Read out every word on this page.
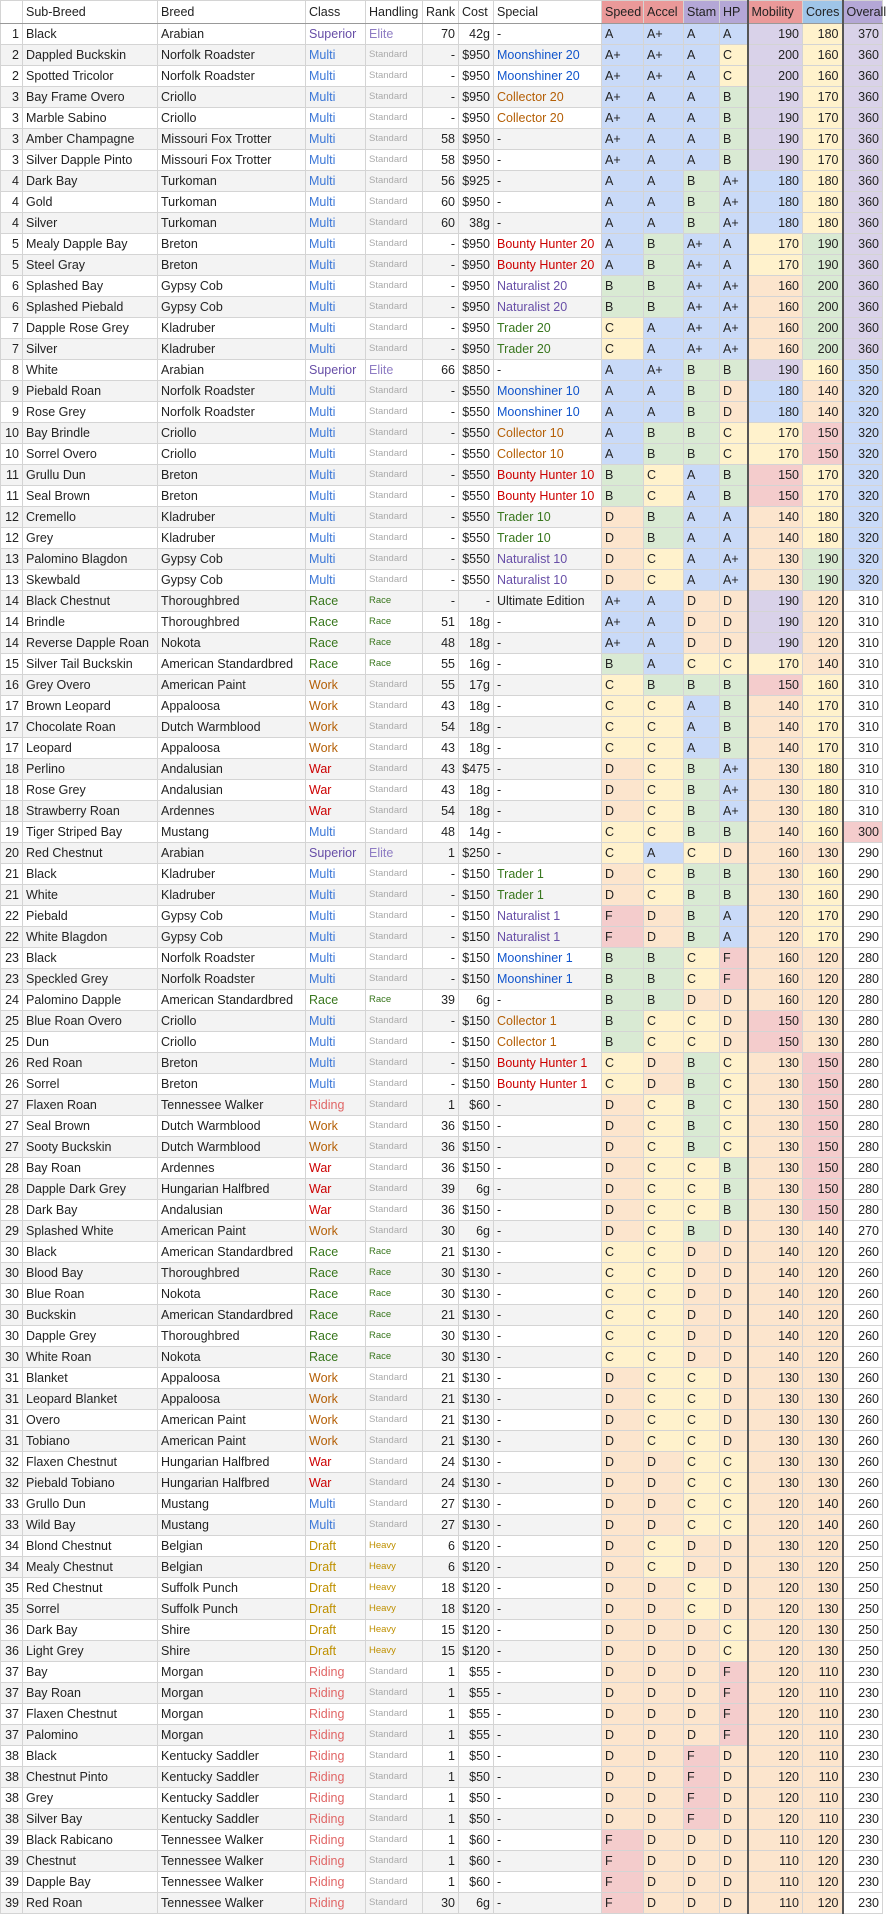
	Sub-Breed	Breed	Class	Handling	Rank	Cost	Special	Speed	Accel	Stam	HP	Mobility	Cores	Overall
1	Black	Arabian	Superior	Elite	70	42g	-	A	A+	A	A	190	180	370
2	Dappled Buckskin	Norfolk Roadster	Multi	Standard	-	$950	Moonshiner 20	A+	A+	A	C	200	160	360
2	Spotted Tricolor	Norfolk Roadster	Multi	Standard	-	$950	Moonshiner 20	A+	A+	A	C	200	160	360
3	Bay Frame Overo	Criollo	Multi	Standard	-	$950	Collector 20	A+	A	A	B	190	170	360
3	Marble Sabino	Criollo	Multi	Standard	-	$950	Collector 20	A+	A	A	B	190	170	360
3	Amber Champagne	Missouri Fox Trotter	Multi	Standard	58	$950	-	A+	A	A	B	190	170	360
3	Silver Dapple Pinto	Missouri Fox Trotter	Multi	Standard	58	$950	-	A+	A	A	B	190	170	360
4	Dark Bay	Turkoman	Multi	Standard	56	$925	-	A	A	B	A+	180	180	360
4	Gold	Turkoman	Multi	Standard	60	$950	-	A	A	B	A+	180	180	360
4	Silver	Turkoman	Multi	Standard	60	38g	-	A	A	B	A+	180	180	360
5	Mealy Dapple Bay	Breton	Multi	Standard	-	$950	Bounty Hunter 20	A	B	A+	A	170	190	360
5	Steel Gray	Breton	Multi	Standard	-	$950	Bounty Hunter 20	A	B	A+	A	170	190	360
6	Splashed Bay	Gypsy Cob	Multi	Standard	-	$950	Naturalist 20	B	B	A+	A+	160	200	360
6	Splashed Piebald	Gypsy Cob	Multi	Standard	-	$950	Naturalist 20	B	B	A+	A+	160	200	360
7	Dapple Rose Grey	Kladruber	Multi	Standard	-	$950	Trader 20	C	A	A+	A+	160	200	360
7	Silver	Kladruber	Multi	Standard	-	$950	Trader 20	C	A	A+	A+	160	200	360
8	White	Arabian	Superior	Elite	66	$850	-	A	A+	B	B	190	160	350
9	Piebald Roan	Norfolk Roadster	Multi	Standard	-	$550	Moonshiner 10	A	A	B	D	180	140	320
9	Rose Grey	Norfolk Roadster	Multi	Standard	-	$550	Moonshiner 10	A	A	B	D	180	140	320
10	Bay Brindle	Criollo	Multi	Standard	-	$550	Collector 10	A	B	B	C	170	150	320
10	Sorrel Overo	Criollo	Multi	Standard	-	$550	Collector 10	A	B	B	C	170	150	320
11	Grullu Dun	Breton	Multi	Standard	-	$550	Bounty Hunter 10	B	C	A	B	150	170	320
11	Seal Brown	Breton	Multi	Standard	-	$550	Bounty Hunter 10	B	C	A	B	150	170	320
12	Cremello	Kladruber	Multi	Standard	-	$550	Trader 10	D	B	A	A	140	180	320
12	Grey	Kladruber	Multi	Standard	-	$550	Trader 10	D	B	A	A	140	180	320
13	Palomino Blagdon	Gypsy Cob	Multi	Standard	-	$550	Naturalist 10	D	C	A	A+	130	190	320
13	Skewbald	Gypsy Cob	Multi	Standard	-	$550	Naturalist 10	D	C	A	A+	130	190	320
14	Black Chestnut	Thoroughbred	Race	Race	-	-	Ultimate Edition	A+	A	D	D	190	120	310
14	Brindle	Thoroughbred	Race	Race	51	18g	-	A+	A	D	D	190	120	310
14	Reverse Dapple Roan	Nokota	Race	Race	48	18g	-	A+	A	D	D	190	120	310
15	Silver Tail Buckskin	American Standardbred	Race	Race	55	16g	-	B	A	C	C	170	140	310
16	Grey Overo	American Paint	Work	Standard	55	17g	-	C	B	B	B	150	160	310
17	Brown Leopard	Appaloosa	Work	Standard	43	18g	-	C	C	A	B	140	170	310
17	Chocolate Roan	Dutch Warmblood	Work	Standard	54	18g	-	C	C	A	B	140	170	310
17	Leopard	Appaloosa	Work	Standard	43	18g	-	C	C	A	B	140	170	310
18	Perlino	Andalusian	War	Standard	43	$475	-	D	C	B	A+	130	180	310
18	Rose Grey	Andalusian	War	Standard	43	18g	-	D	C	B	A+	130	180	310
18	Strawberry Roan	Ardennes	War	Standard	54	18g	-	D	C	B	A+	130	180	310
19	Tiger Striped Bay	Mustang	Multi	Standard	48	14g	-	C	C	B	B	140	160	300
20	Red Chestnut	Arabian	Superior	Elite	1	$250	-	C	A	C	D	160	130	290
21	Black	Kladruber	Multi	Standard	-	$150	Trader 1	D	C	B	B	130	160	290
21	White	Kladruber	Multi	Standard	-	$150	Trader 1	D	C	B	B	130	160	290
22	Piebald	Gypsy Cob	Multi	Standard	-	$150	Naturalist 1	F	D	B	A	120	170	290
22	White Blagdon	Gypsy Cob	Multi	Standard	-	$150	Naturalist 1	F	D	B	A	120	170	290
23	Black	Norfolk Roadster	Multi	Standard	-	$150	Moonshiner 1	B	B	C	F	160	120	280
23	Speckled Grey	Norfolk Roadster	Multi	Standard	-	$150	Moonshiner 1	B	B	C	F	160	120	280
24	Palomino Dapple	American Standardbred	Race	Race	39	6g	-	B	B	D	D	160	120	280
25	Blue Roan Overo	Criollo	Multi	Standard	-	$150	Collector 1	B	C	C	D	150	130	280
25	Dun	Criollo	Multi	Standard	-	$150	Collector 1	B	C	C	D	150	130	280
26	Red Roan	Breton	Multi	Standard	-	$150	Bounty Hunter 1	C	D	B	C	130	150	280
26	Sorrel	Breton	Multi	Standard	-	$150	Bounty Hunter 1	C	D	B	C	130	150	280
27	Flaxen Roan	Tennessee Walker	Riding	Standard	1	$60	-	D	C	B	C	130	150	280
27	Seal Brown	Dutch Warmblood	Work	Standard	36	$150	-	D	C	B	C	130	150	280
27	Sooty Buckskin	Dutch Warmblood	Work	Standard	36	$150	-	D	C	B	C	130	150	280
28	Bay Roan	Ardennes	War	Standard	36	$150	-	D	C	C	B	130	150	280
28	Dapple Dark Grey	Hungarian Halfbred	War	Standard	39	6g	-	D	C	C	B	130	150	280
28	Dark Bay	Andalusian	War	Standard	36	$150	-	D	C	C	B	130	150	280
29	Splashed White	American Paint	Work	Standard	30	6g	-	D	C	B	D	130	140	270
30	Black	American Standardbred	Race	Race	21	$130	-	C	C	D	D	140	120	260
30	Blood Bay	Thoroughbred	Race	Race	30	$130	-	C	C	D	D	140	120	260
30	Blue Roan	Nokota	Race	Race	30	$130	-	C	C	D	D	140	120	260
30	Buckskin	American Standardbred	Race	Race	21	$130	-	C	C	D	D	140	120	260
30	Dapple Grey	Thoroughbred	Race	Race	30	$130	-	C	C	D	D	140	120	260
30	White Roan	Nokota	Race	Race	30	$130	-	C	C	D	D	140	120	260
31	Blanket	Appaloosa	Work	Standard	21	$130	-	D	C	C	D	130	130	260
31	Leopard Blanket	Appaloosa	Work	Standard	21	$130	-	D	C	C	D	130	130	260
31	Overo	American Paint	Work	Standard	21	$130	-	D	C	C	D	130	130	260
31	Tobiano	American Paint	Work	Standard	21	$130	-	D	C	C	D	130	130	260
32	Flaxen Chestnut	Hungarian Halfbred	War	Standard	24	$130	-	D	D	C	C	130	130	260
32	Piebald Tobiano	Hungarian Halfbred	War	Standard	24	$130	-	D	D	C	C	130	130	260
33	Grullo Dun	Mustang	Multi	Standard	27	$130	-	D	D	C	C	120	140	260
33	Wild Bay	Mustang	Multi	Standard	27	$130	-	D	D	C	C	120	140	260
34	Blond Chestnut	Belgian	Draft	Heavy	6	$120	-	D	C	D	D	130	120	250
34	Mealy Chestnut	Belgian	Draft	Heavy	6	$120	-	D	C	D	D	130	120	250
35	Red Chestnut	Suffolk Punch	Draft	Heavy	18	$120	-	D	D	C	D	120	130	250
35	Sorrel	Suffolk Punch	Draft	Heavy	18	$120	-	D	D	C	D	120	130	250
36	Dark Bay	Shire	Draft	Heavy	15	$120	-	D	D	D	C	120	130	250
36	Light Grey	Shire	Draft	Heavy	15	$120	-	D	D	D	C	120	130	250
37	Bay	Morgan	Riding	Standard	1	$55	-	D	D	D	F	120	110	230
37	Bay Roan	Morgan	Riding	Standard	1	$55	-	D	D	D	F	120	110	230
37	Flaxen Chestnut	Morgan	Riding	Standard	1	$55	-	D	D	D	F	120	110	230
37	Palomino	Morgan	Riding	Standard	1	$55	-	D	D	D	F	120	110	230
38	Black	Kentucky Saddler	Riding	Standard	1	$50	-	D	D	F	D	120	110	230
38	Chestnut Pinto	Kentucky Saddler	Riding	Standard	1	$50	-	D	D	F	D	120	110	230
38	Grey	Kentucky Saddler	Riding	Standard	1	$50	-	D	D	F	D	120	110	230
38	Silver Bay	Kentucky Saddler	Riding	Standard	1	$50	-	D	D	F	D	120	110	230
39	Black Rabicano	Tennessee Walker	Riding	Standard	1	$60	-	F	D	D	D	110	120	230
39	Chestnut	Tennessee Walker	Riding	Standard	1	$60	-	F	D	D	D	110	120	230
39	Dapple Bay	Tennessee Walker	Riding	Standard	1	$60	-	F	D	D	D	110	120	230
39	Red Roan	Tennessee Walker	Riding	Standard	30	6g	-	F	D	D	D	110	120	230
